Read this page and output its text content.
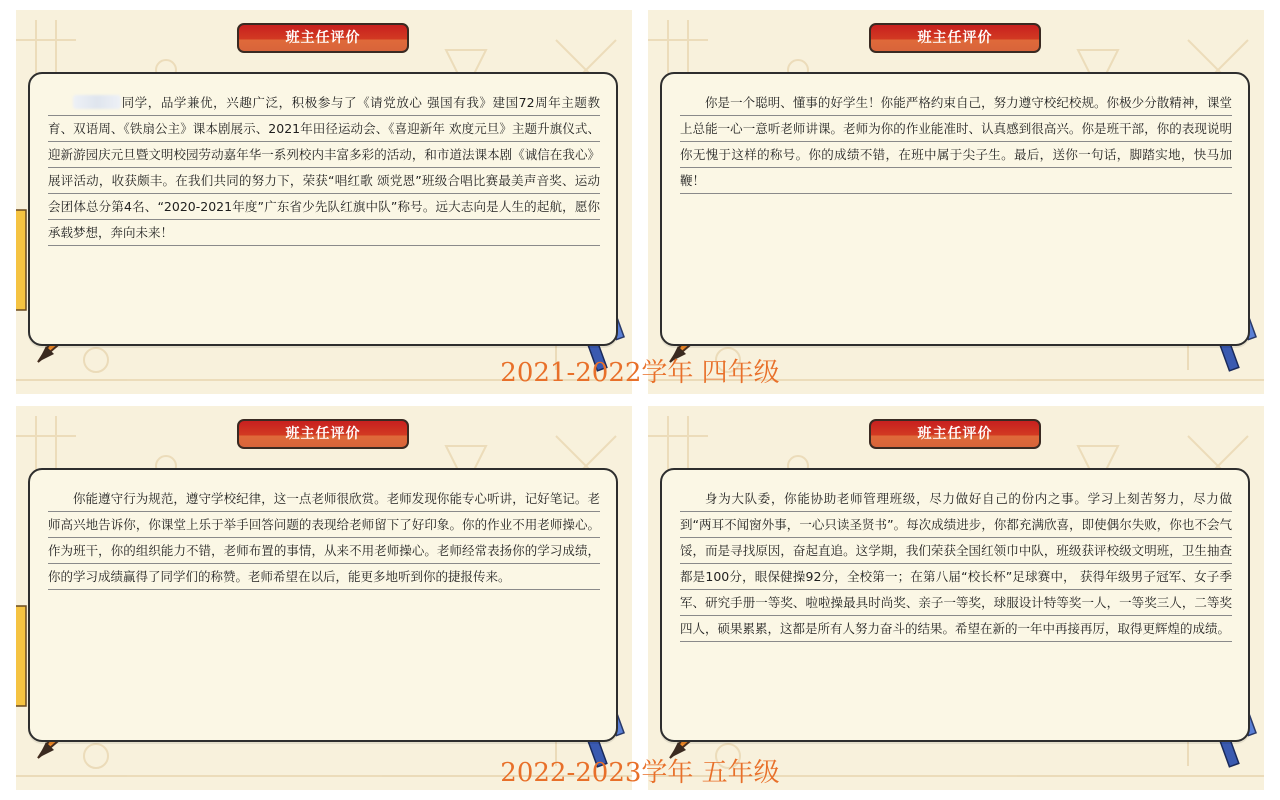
班主任评价

同学，品学兼优，兴趣广泛，积极参与了《请党放心 强国有我》建国72周年主题教育、双语周、《铁扇公主》课本剧展示、2021年田径运动会、《喜迎新年 欢度元旦》主题升旗仪式、迎新游园庆元旦暨文明校园劳动嘉年华一系列校内丰富多彩的活动，和市道法课本剧《诚信在我心》展评活动，收获颇丰。在我们共同的努力下，荣获“唱红歌 颂党恩”班级合唱比赛最美声音奖、运动会团体总分第4名、“2020-2021年度”广东省少先队红旗中队”称号。远大志向是人生的起航，愿你承载梦想，奔向未来！

班主任评价

你是一个聪明、懂事的好学生！你能严格约束自己，努力遵守校纪校规。你极少分散精神，课堂上总能一心一意听老师讲课。老师为你的作业能准时、认真感到很高兴。你是班干部，你的表现说明你无愧于这样的称号。你的成绩不错，在班中属于尖子生。最后，送你一句话，脚踏实地，快马加鞭！

班主任评价

你能遵守行为规范，遵守学校纪律，这一点老师很欣赏。老师发现你能专心听讲，记好笔记。老师高兴地告诉你，你课堂上乐于举手回答问题的表现给老师留下了好印象。你的作业不用老师操心。作为班干，你的组织能力不错，老师布置的事情，从来不用老师操心。老师经常表扬你的学习成绩，你的学习成绩赢得了同学们的称赞。老师希望在以后，能更多地听到你的捷报传来。

班主任评价

身为大队委，你能协助老师管理班级，尽力做好自己的份内之事。学习上刻苦努力，尽力做到“两耳不闻窗外事，一心只读圣贤书”。每次成绩进步，你都充满欣喜，即使偶尔失败，你也不会气馁，而是寻找原因，奋起直追。这学期，我们荣获全国红领巾中队，班级获评校级文明班，卫生抽查都是100分，眼保健操92分，全校第一；在第八届“校长杯”足球赛中， 获得年级男子冠军、女子季军、研究手册一等奖、啦啦操最具时尚奖、亲子一等奖，球服设计特等奖一人，一等奖三人，二等奖四人，硕果累累，这都是所有人努力奋斗的结果。希望在新的一年中再接再厉，取得更辉煌的成绩。

2021-2022学年 四年级
2022-2023学年 五年级
